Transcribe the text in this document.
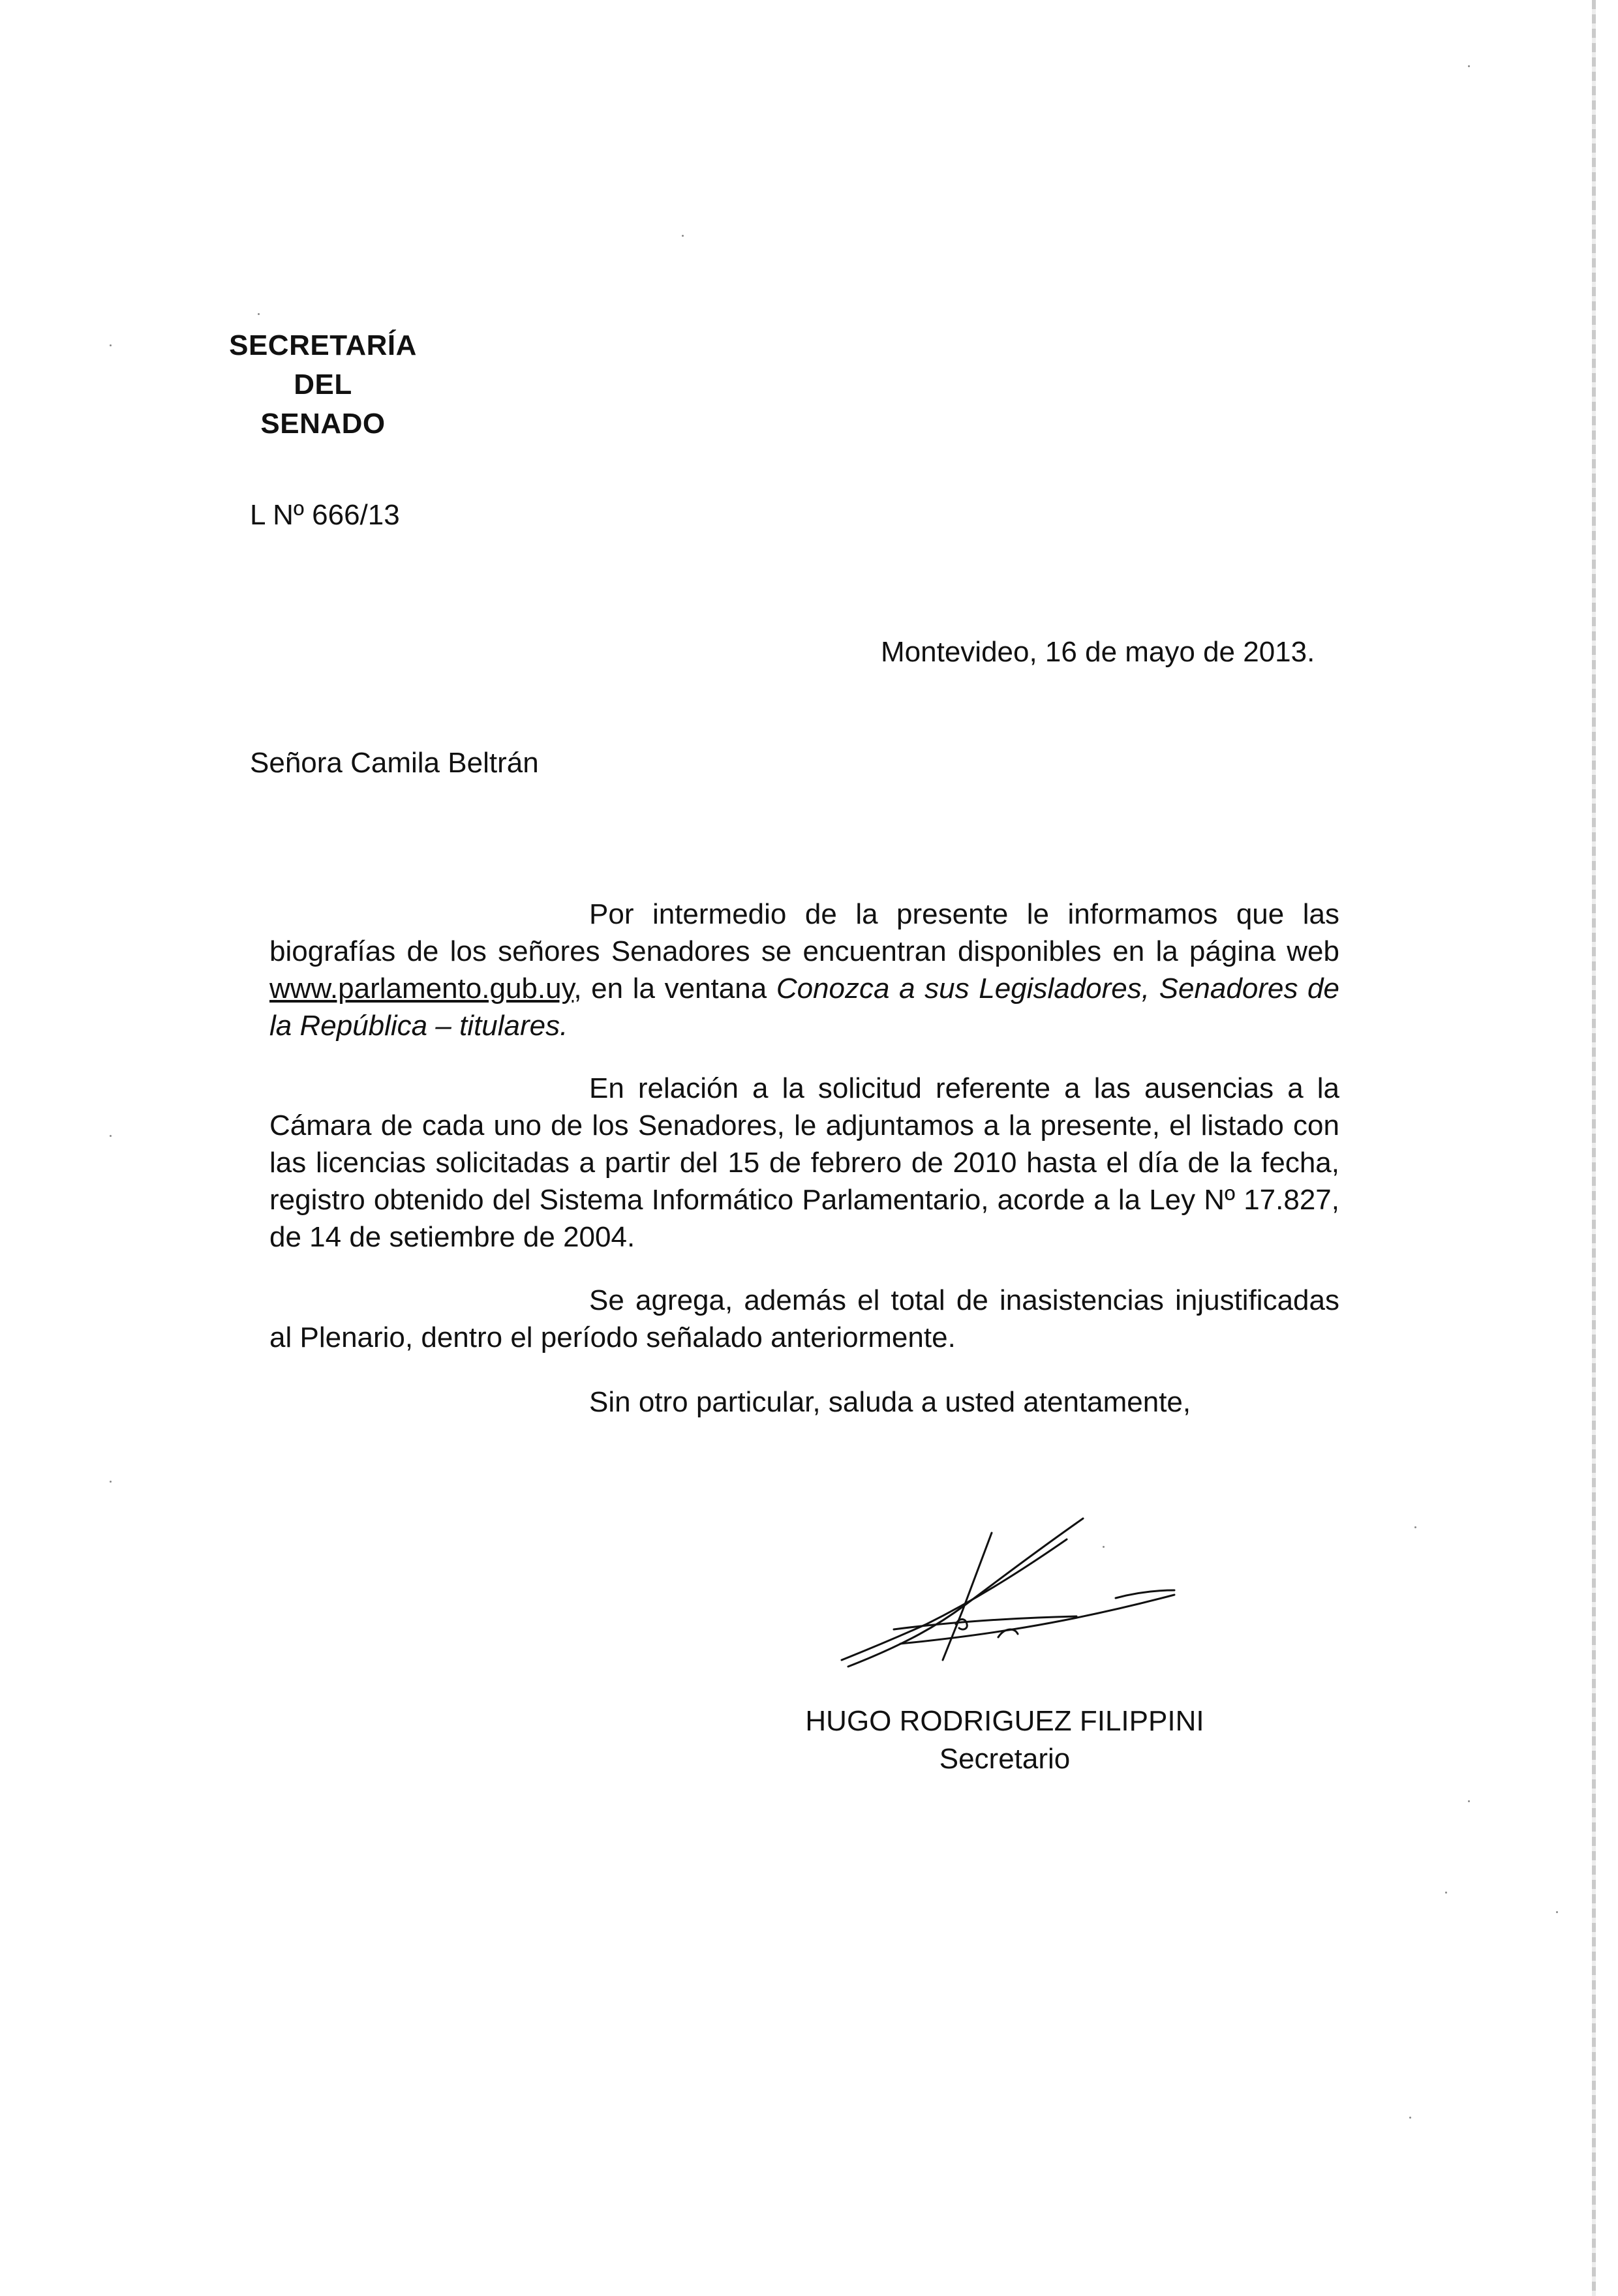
SECRETARÍA
DEL
SENADO
L Nº 666/13
Montevideo, 16 de mayo de 2013.
Señora Camila Beltrán
Por intermedio de la presente le informamos que las biografías de los señores Senadores se encuentran disponibles en la página web www.parlamento.gub.uy, en la ventana Conozca a sus Legisladores, Senadores de la República – titulares.
En relación a la solicitud referente a las ausencias a la Cámara de cada uno de los Senadores, le adjuntamos a la presente, el listado con las licencias solicitadas a partir del 15 de febrero de 2010 hasta el día de la fecha, registro obtenido del Sistema Informático Parlamentario, acorde a la Ley Nº 17.827, de 14 de setiembre de 2004.
Se agrega, además el total de inasistencias injustificadas al Plenario, dentro el período señalado anteriormente.
Sin otro particular, saluda a usted atentamente,
HUGO RODRIGUEZ FILIPPINI
Secretario
